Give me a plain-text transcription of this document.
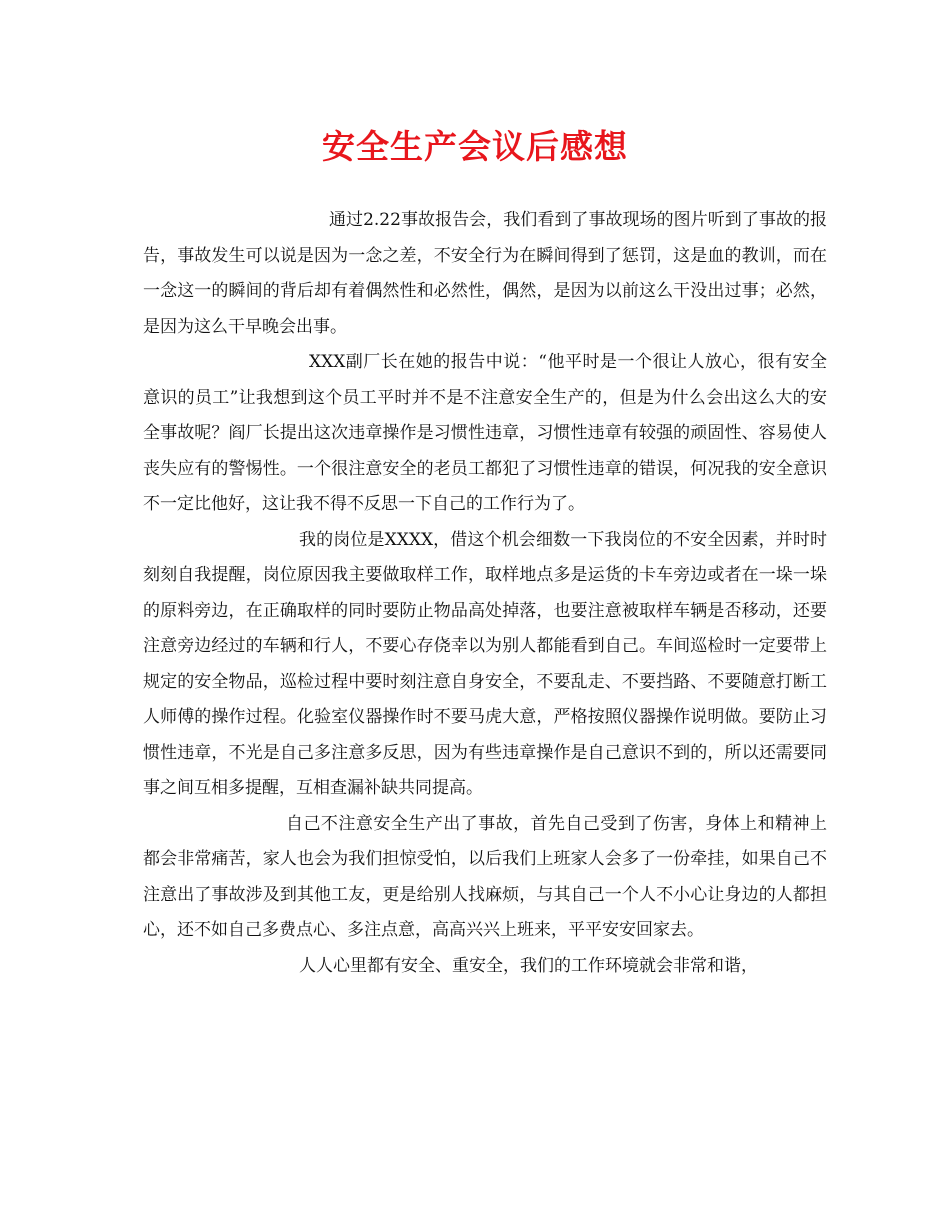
安全生产会议后感想

通过2.22事故报告会，我们看到了事故现场的图片听到了事故的报告，事故发生可以说是因为一念之差，不安全行为在瞬间得到了惩罚，这是血的教训，而在一念这一的瞬间的背后却有着偶然性和必然性，偶然，是因为以前这么干没出过事；必然，是因为这么干早晚会出事。

XXX副厂长在她的报告中说：“他平时是一个很让人放心，很有安全意识的员工”让我想到这个员工平时并不是不注意安全生产的，但是为什么会出这么大的安全事故呢？阎厂长提出这次违章操作是习惯性违章，习惯性违章有较强的顽固性、容易使人丧失应有的警惕性。一个很注意安全的老员工都犯了习惯性违章的错误，何况我的安全意识不一定比他好，这让我不得不反思一下自己的工作行为了。

我的岗位是XXXX，借这个机会细数一下我岗位的不安全因素，并时时刻刻自我提醒，岗位原因我主要做取样工作，取样地点多是运货的卡车旁边或者在一垛一垛的原料旁边，在正确取样的同时要防止物品高处掉落，也要注意被取样车辆是否移动，还要注意旁边经过的车辆和行人，不要心存侥幸以为别人都能看到自己。车间巡检时一定要带上规定的安全物品，巡检过程中要时刻注意自身安全，不要乱走、不要挡路、不要随意打断工人师傅的操作过程。化验室仪器操作时不要马虎大意，严格按照仪器操作说明做。要防止习惯性违章，不光是自己多注意多反思，因为有些违章操作是自己意识不到的，所以还需要同事之间互相多提醒，互相查漏补缺共同提高。

自己不注意安全生产出了事故，首先自己受到了伤害，身体上和精神上都会非常痛苦，家人也会为我们担惊受怕，以后我们上班家人会多了一份牵挂，如果自己不注意出了事故涉及到其他工友，更是给别人找麻烦，与其自己一个人不小心让身边的人都担心，还不如自己多费点心、多注点意，高高兴兴上班来，平平安安回家去。

人人心里都有安全、重安全，我们的工作环境就会非常和谐，
